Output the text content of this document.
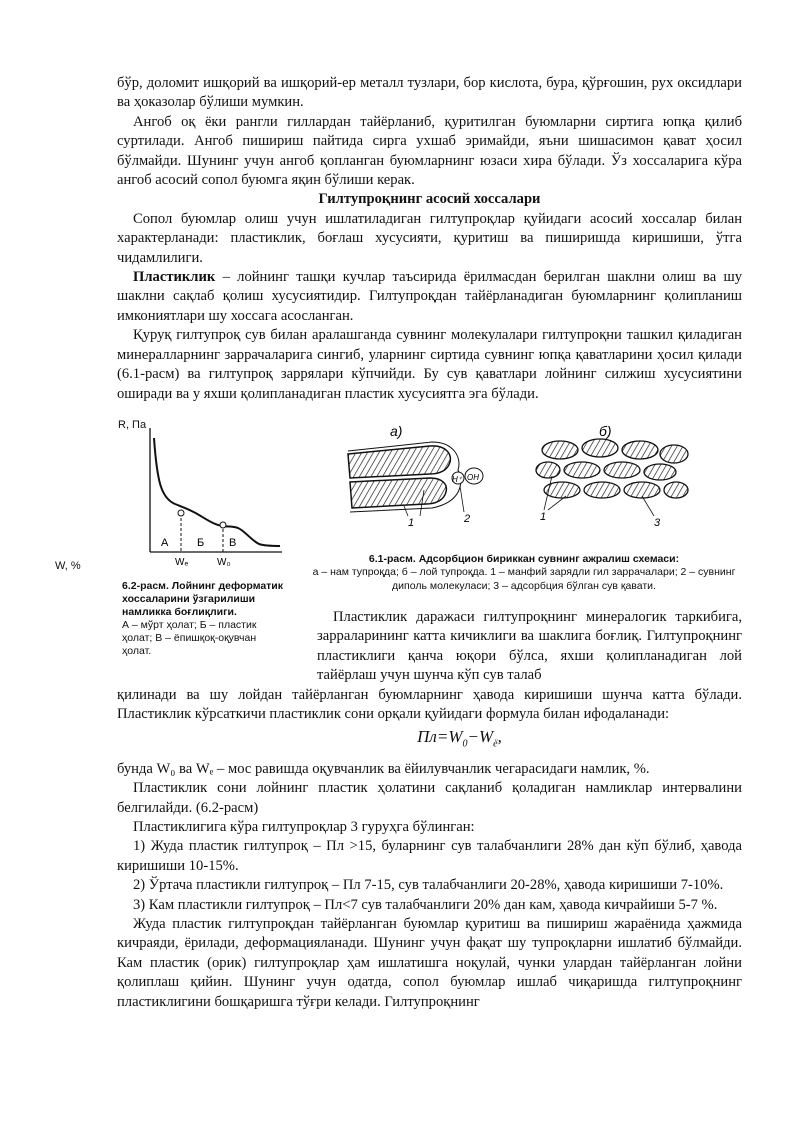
бўр, доломит ишқорий ва ишқорий-ер металл тузлари, бор кислота, бура, қўрғошин, рух оксидлари ва ҳоказолар бўлиши мумкин.

Ангоб оқ ёки рангли гиллардан тайёрланиб, қуритилган буюмларни сиртига юпқа қилиб суртилади. Ангоб пишириш пайтида сирга ухшаб эримайди, яъни шишасимон қават ҳосил бўлмайди. Шунинг учун ангоб қопланган буюмларнинг юзаси хира бўлади. Ўз хоссаларига кўра ангоб асосий сопол буюмга яқин бўлиши керак.

Гилтупроқнинг асосий хоссалари

Сопол буюмлар олиш учун ишлатиладиган гилтупроқлар қуйидаги асосий хоссалар билан характерланади: пластиклик, боғлаш хусусияти, қуритиш ва пиширишда киришиши, ўтга чидамлилиги.

Пластиклик – лойнинг ташқи кучлар таъсирида ёрилмасдан берилган шаклни олиш ва шу шаклни сақлаб қолиш хусусиятидир. Гилтупроқдан тайёрланадиган буюмларнинг қолипланиш имкониятлари шу хоссага асосланган.

Қуруқ гилтупроқ сув билан аралашганда сувнинг молекулалари гилтупроқни ташкил қиладиган минералларнинг заррачаларига сингиб, уларнинг сиртида сувнинг юпқа қаватларини ҳосил қилади (6.1-расм) ва гилтупроқ заррялари кўпчийди. Бу сув қаватлари лойнинг силжиш хусусиятини оширади ва у яхши қолипланадиган пластик хусусиятга эга бўлади.

R, Па
А	Б В
Wₑ	W₀
W, %
6.2-расм. Лойнинг деформатик хоссаларини ўзгарилиши намликка боғлиқлиги.
А – мўрт ҳолат; Б – пластик ҳолат; В – ёпишқоқ-оқувчан ҳолат.
а)	б)
Н⁺ ОН
1	2	1	3
6.1-расм. Адсорбцион бириккан сувнинг ажралиш схемаси:
а – нам тупроқда; б – лой тупроқда. 1 – манфий зарядли гил заррачалари; 2 – сувнинг диполь молекуласи; 3 – адсорбция бўлган сув қавати.

Пластиклик даражаси гилтупроқнинг минералогик таркибига, зарраларининг катта кичиклиги ва шаклига боғлиқ. Гилтупроқнинг пластиклиги қанча юқори бўлса, яхши қолипланадиган лой тайёрлаш учун шунча кўп сув талаб

қилинади ва шу лойдан тайёрланган буюмларнинг ҳавода киришиши шунча катта бўлади. Пластиклик кўрсаткичи пластиклик сони орқали қуйидаги формула билан ифодаланади:

$Пл=W_0-W_ё$,

бунда W₀ ва Wₑ – мос равишда оқувчанлик ва ёйилувчанлик чегарасидаги намлик, %.

Пластиклик сони лойнинг пластик ҳолатини сақланиб қоладиган намликлар интервалини белгилайди. (6.2-расм)

Пластиклигига кўра гилтупроқлар 3 гуруҳга бўлинган:

1) Жуда пластик гилтупроқ – Пл >15, буларнинг сув талабчанлиги 28% дан кўп бўлиб, ҳавода киришиши 10-15%.

2) Ўртача пластикли гилтупроқ – Пл 7-15, сув талабчанлиги 20-28%, ҳавода киришиши 7-10%.

3) Кам пластикли гилтупроқ – Пл<7 сув талабчанлиги 20% дан кам, ҳавода кичрайиши 5-7 %.

Жуда пластик гилтупроқдан тайёрланган буюмлар қуритиш ва пишириш жараёнида ҳажмида кичраяди, ёрилади, деформацияланади. Шунинг учун фақат шу тупроқларни ишлатиб бўлмайди. Кам пластик (орик) гилтупроқлар ҳам ишлатишга ноқулай, чунки улардан тайёрланган лойни қолиплаш қийин. Шунинг учун одатда, сопол буюмлар ишлаб чиқаришда гилтупроқнинг пластиклигини бошқаришга тўғри келади. Гилтупроқнинг
